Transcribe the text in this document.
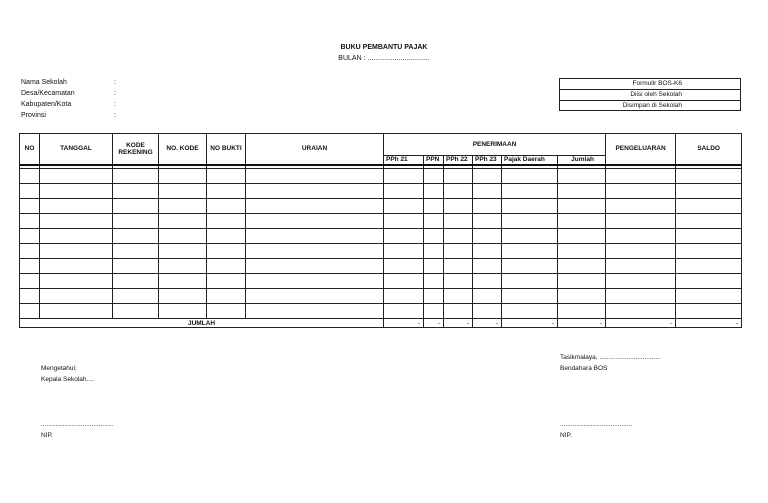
BUKU PEMBANTU PAJAK
BULAN : ................................
Nama Sekolah	:
Desa/Kecamatan	:
Kabupaten/Kota	:
Provinsi	:
Formulir BOS-K6
Diisi oleh Sekolah
Disimpan di Sekolah
NO	TANGGAL	KODE REKENING	NO. KODE	NO BUKTI	URAIAN	PENERIMAAN						PENGELUARAN	SALDO
						PPh 21	PPN	PPh 22	PPh 23	Pajak Daerah	Jumlah		

JUMLAH						-	-	-	-	-	-	-	-
Mengetahui;
Kepala Sekolah....
........................................
NIP.
Tasikmalaya, ..................................
Bendahara BOS
........................................
NIP.
